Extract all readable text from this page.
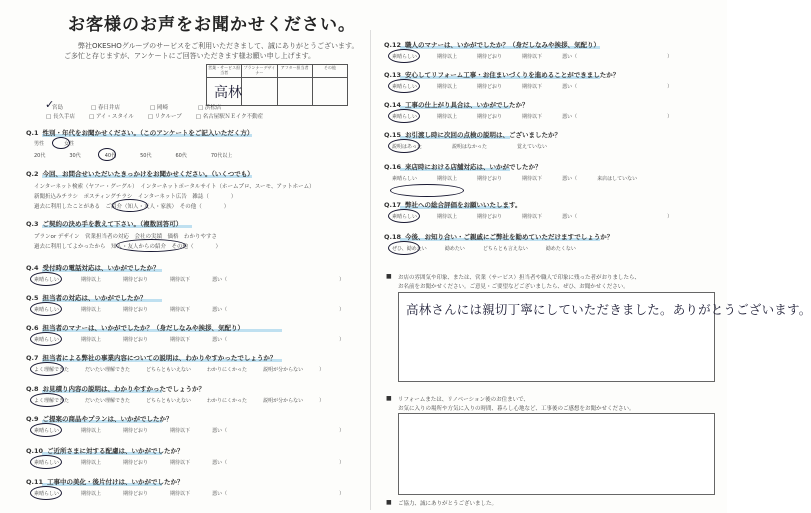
お客様のお声をお聞かせください。
弊社OKESHOグループのサービスをご利用いただきまして、誠にありがとうございます。
ご多忙と存じますが、アンケートにご回答いただきます様お願い申し上げます。
営業・サービス担当者
プランナーデザイナー
アフター担当者	その他
高林
✓
宮島	□ 春日井店	□ 岡崎	□ 浜松店
□ 長久手店	□ アイ・スタイル	□ リクルーブ	□ 名古屋駅ＮＥイク不動産
Q.1 性別・年代をお聞かせください。（このアンケートをご記入いただく方）
男性	女性
20代	30代	40代	50代	60代	70代以上
Q.2 今回、お問合せいただいたきっかけをお聞かせください。（いくつでも）
インターネット検索（ヤフー・グーグル）　インターネットポータルサイト（ホームプロ、スーモ、アットホーム）
新聞折込みチラシ　ポスティングチラシ　インターネット広告　雑誌（　　　　）
過去に利用したことがある　ご紹介（知人・友人・家族）　その他（　　　　）
Q.3 ご契約の決め手を教えて下さい。（複数回答可）
プランor デザイン　営業担当者の対応　会社の実績　価格　わかりやすさ
過去に利用してよかったから　知人・友人からの紹介　その他（　　　　）
Q.4 受付時の電話対応は、いかがでしたか？
素晴らしい	期待以上	期待どおり	期待以下	悪い（	）
Q.5 担当者の対応は、いかがでしたか？
素晴らしい	期待以上	期待どおり	期待以下	悪い（	）
Q.6 担当者のマナーは、いかがでしたか？（身だしなみや挨拶、気配り）
素晴らしい	期待以上	期待どおり	期待以下	悪い（	）
Q.7 担当者による弊社の事業内容についての説明は、わかりやすかったでしょうか？
よく理解できた	だいたい理解できた	どちらともいえない	わかりにくかった	説明が分からない	）
Q.8 お見積り内容の説明は、わかりやすかったでしょうか？
よく理解できた	だいたい理解できた	どちらともいえない	わかりにくかった	説明が分からない	）
Q.9 ご提案の商品やプランは、いかがでしたか？
素晴らしい	期待以上	期待どおり	期待以下	悪い（	）
Q.10 ご近所さまに対する配慮は、いかがでしたか？
素晴らしい	期待以上	期待どおり	期待以下	悪い（	）
Q.11 工事中の美化・後片付けは、いかがでしたか？
素晴らしい	期待以上	期待どおり	期待以下	悪い（	）
Q.12 職人のマナーは、いかがでしたか？（身だしなみや挨拶、気配り）
素晴らしい	期待以上	期待どおり	期待以下	悪い（	）
Q.13 安心してリフォーム工事・お住まいづくりを進めることができましたか？
素晴らしい	期待以上	期待どおり	期待以下	悪い（	）
Q.14 工事の仕上がり具合は、いかがでしたか？
素晴らしい	期待以上	期待どおり	期待以下	悪い（	）
Q.15 お引渡し時に次回の点検の説明は、ございましたか？
説明はあった	説明はなかった	覚えていない
Q.16 来店時における店舗対応は、いかがでしたか？
素晴らしい	期待以上	期待どおり	期待以下	悪い（	来店はしていない
Q.17 弊社への総合評価をお願いいたします。
素晴らしい	期待以上	期待どおり	期待以下	悪い（	）
Q.18 今後、お知り合い・ご親戚にご弊社を勧めていただけますでしょうか？
ぜひ、勧めたい	勧めたい	どちらとも言えない	勧めたくない
■ お店の雰囲気や印象、または、営業（サービス）担当者や職人で印象に残った者がおりましたら、
お名前をお聞かせください。ご意見・ご要望などございましたら、ぜひ、お聞かせください。
高林さんには親切丁寧にしていただきました。ありがとうございます。
■ リフォームまたは、リノベーション後のお住まいで、
お気に入りの場所や方気に入りの時間、暮らし心地など、工事後のご感想をお聞かせください。
■ ご協力、誠にありがとうございました。
